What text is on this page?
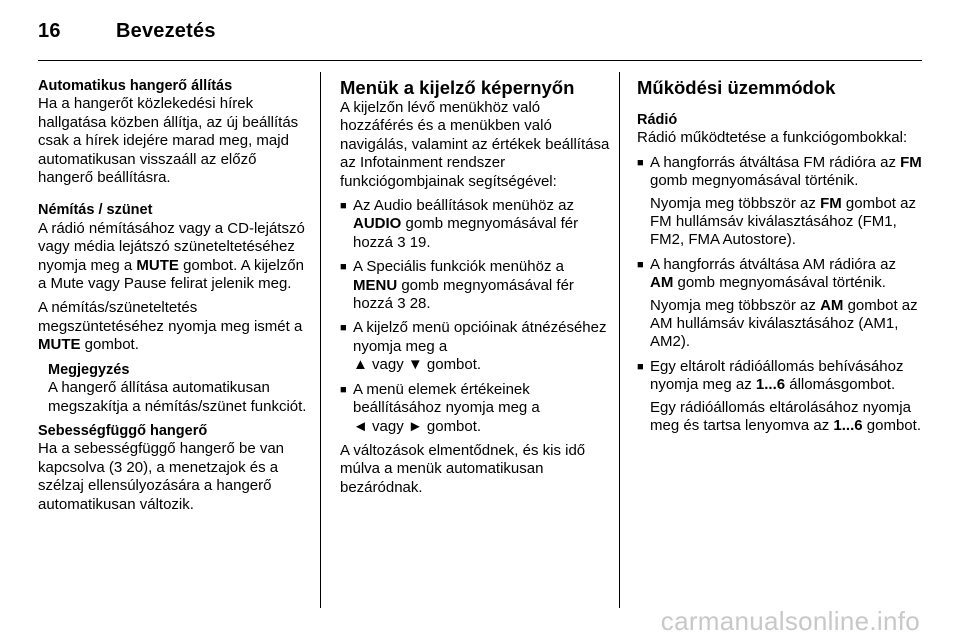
16	Bevezetés
Automatikus hangerő állítás
Ha a hangerőt közlekedési hírek hallgatása közben állítja, az új beállítás csak a hírek idejére marad meg, majd automatikusan visszaáll az előző hangerő beállításra.
Némítás / szünet
A rádió némításához vagy a CD-lejátszó vagy média lejátszó szüneteltetéséhez nyomja meg a MUTE gombot. A kijelzőn a Mute vagy Pause felirat jelenik meg.
A némítás/szüneteltetés megszüntetéséhez nyomja meg ismét a MUTE gombot.
Megjegyzés
A hangerő állítása automatikusan megszakítja a némítás/szünet funkciót.
Sebességfüggő hangerő
Ha a sebességfüggő hangerő be van kapcsolva (3 20), a menetzajok és a szélzaj ellensúlyozására a hangerő automatikusan változik.
Menük a kijelző képernyőn
A kijelzőn lévő menükhöz való hozzáférés és a menükben való navigálás, valamint az értékek beállítása az Infotainment rendszer funkciógombjainak segítségével:
■ Az Audio beállítások menühöz az AUDIO gomb megnyomásával fér hozzá 3 19.
■ A Speciális funkciók menühöz a MENU gomb megnyomásával fér hozzá 3 28.
■ A kijelző menü opcióinak átnézéséhez nyomja meg a
▲ vagy ▼ gombot.
■ A menü elemek értékeinek beállításához nyomja meg a
◄ vagy ► gombot.
A változások elmentődnek, és kis idő múlva a menük automatikusan bezáródnak.
Működési üzemmódok
Rádió
Rádió működtetése a funkciógombokkal:
■ A hangforrás átváltása FM rádióra az FM gomb megnyomásával történik.
Nyomja meg többször az FM gombot az FM hullámsáv kiválasztásához (FM1, FM2, FMA Autostore).
■ A hangforrás átváltása AM rádióra az AM gomb megnyomásával történik.
Nyomja meg többször az AM gombot az AM hullámsáv kiválasztásához (AM1, AM2).
■ Egy eltárolt rádióállomás behívásához nyomja meg az 1...6 állomásgombot.
Egy rádióállomás eltárolásához nyomja meg és tartsa lenyomva az 1...6 gombot.
carmanualsonline.info
